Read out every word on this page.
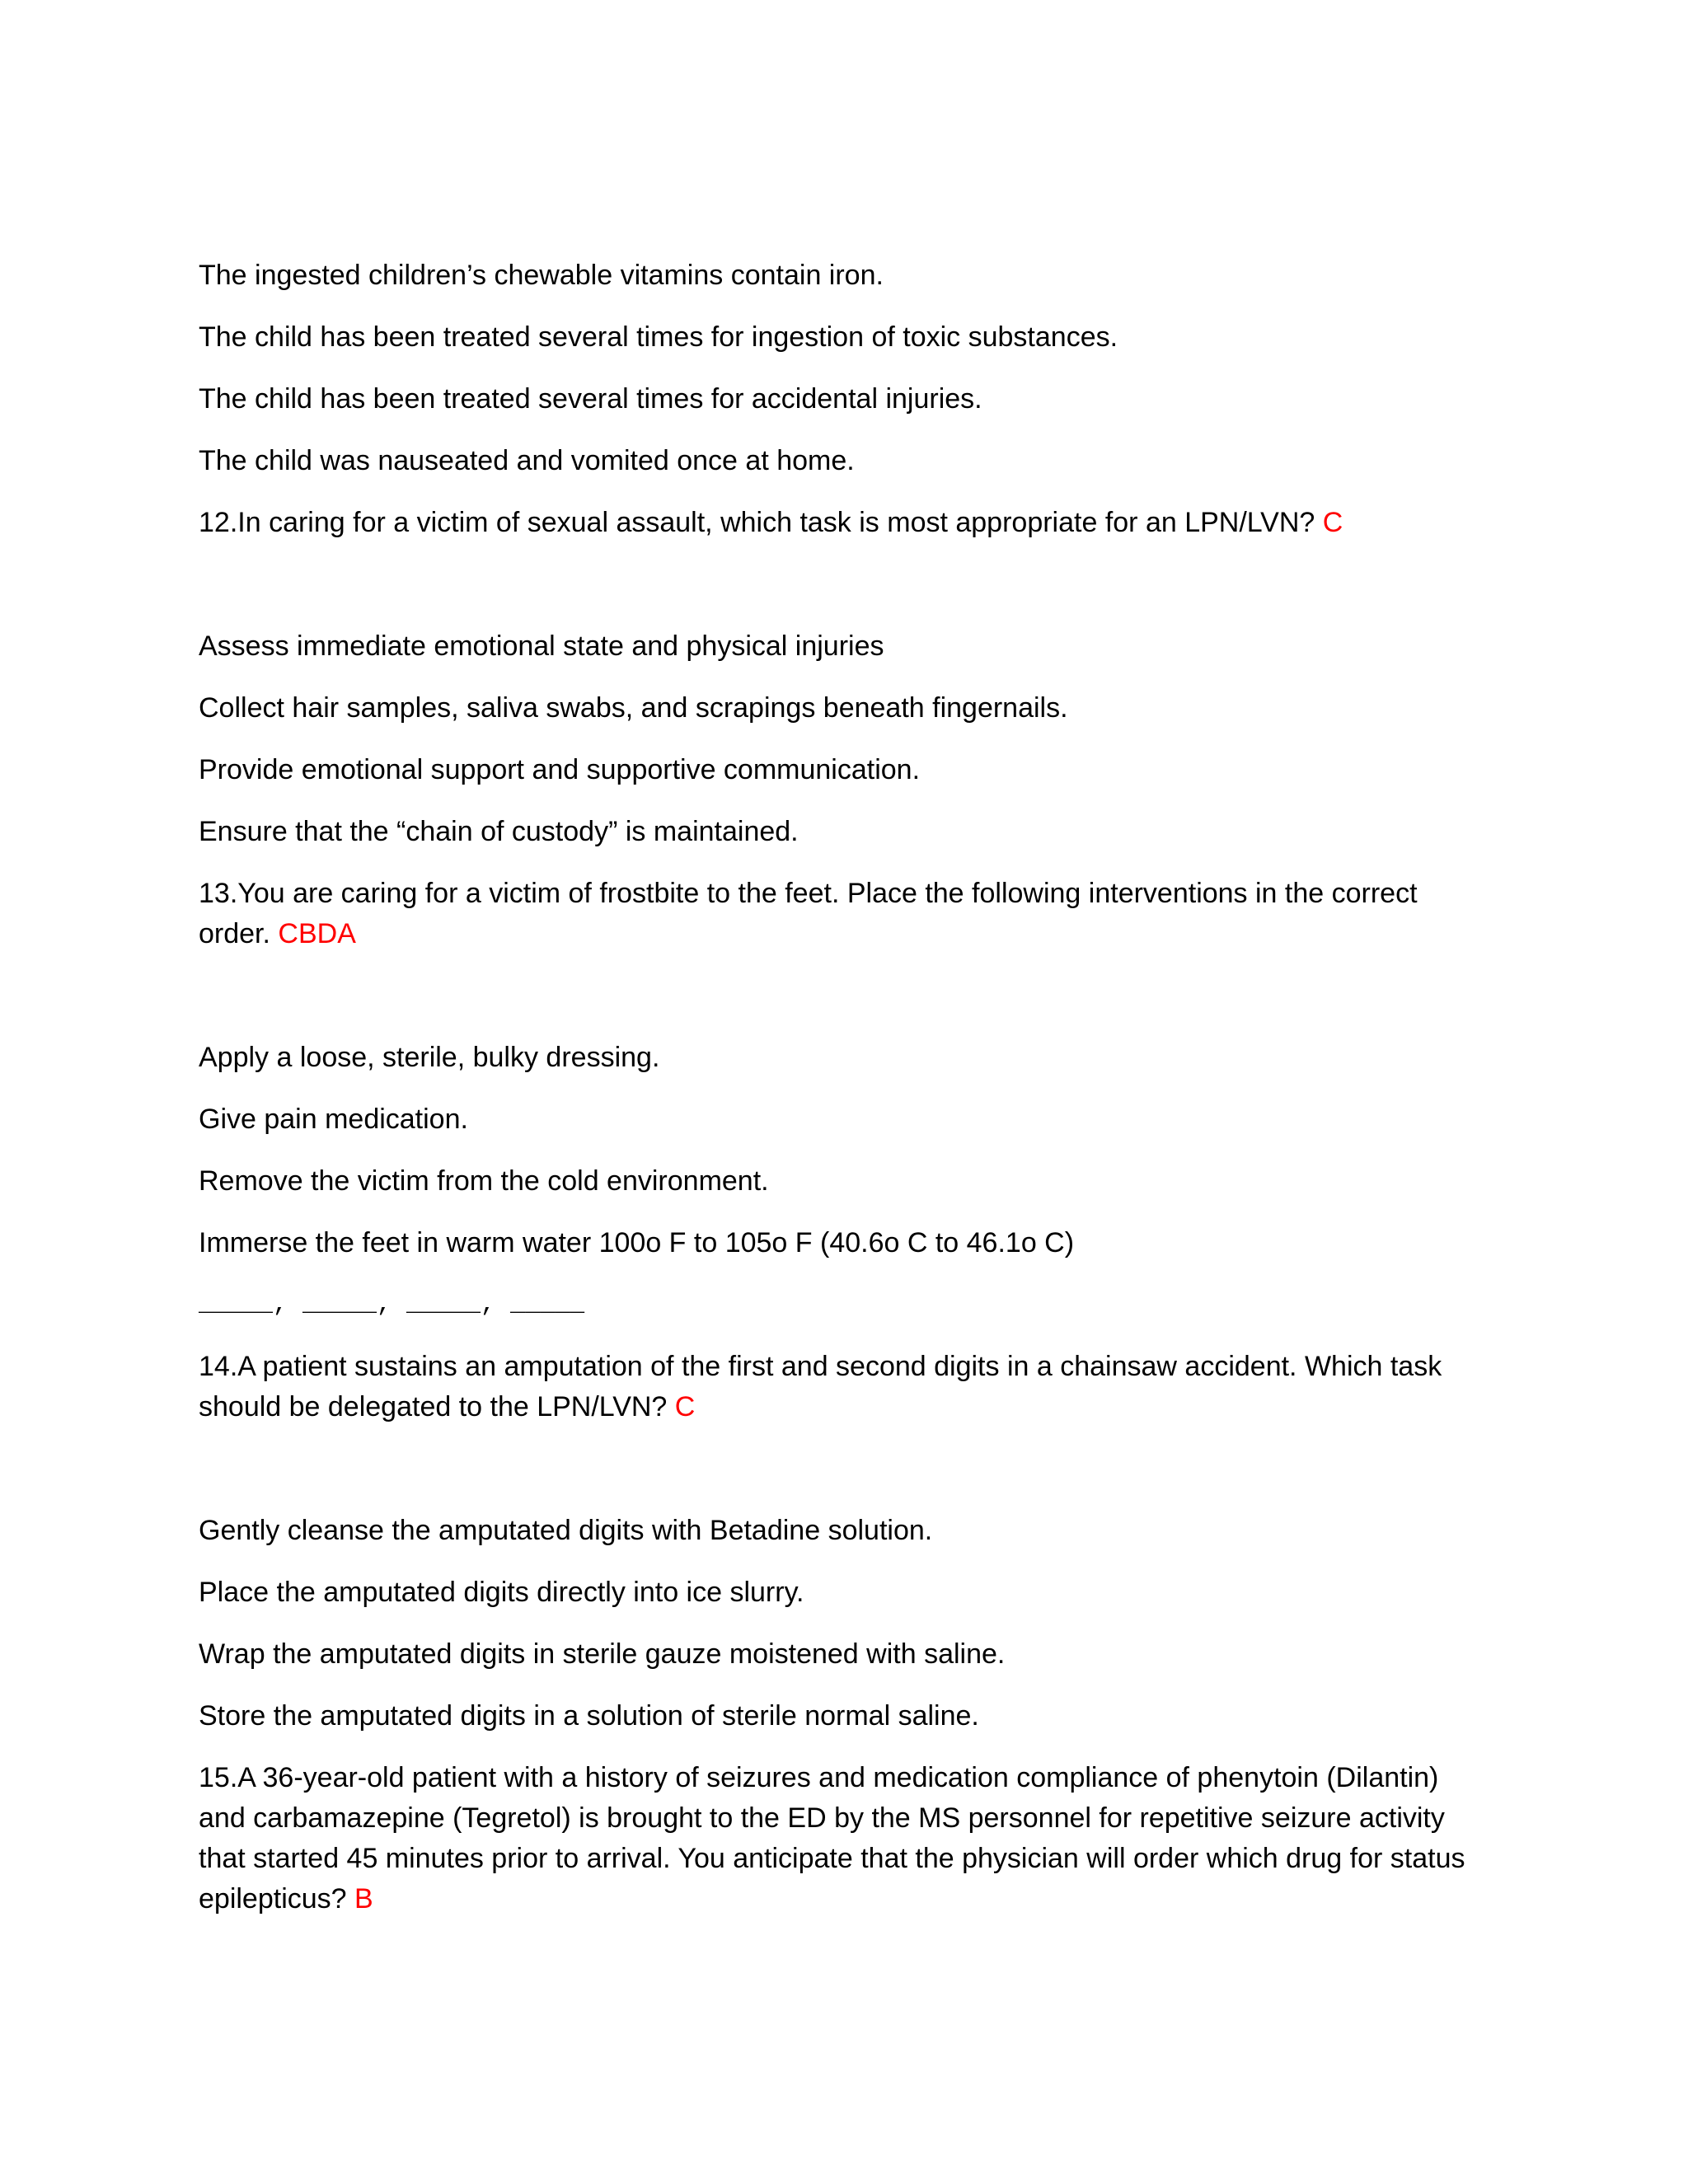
The ingested children’s chewable vitamins contain iron.
The child has been treated several times for ingestion of toxic substances.
The child has been treated several times for accidental injuries.
The child was nauseated and vomited once at home.
12.In caring for a victim of sexual assault, which task is most appropriate for an LPN/LVN? C
Assess immediate emotional state and physical injuries
Collect hair samples, saliva swabs, and scrapings beneath fingernails.
Provide emotional support and supportive communication.
Ensure that the “chain of custody” is maintained.
13.You are caring for a victim of frostbite to the feet. Place the following interventions in the correct order. CBDA
Apply a loose, sterile, bulky dressing.
Give pain medication.
Remove the victim from the cold environment.
Immerse the feet in warm water 100o F to 105o F (40.6o C to 46.1o C)
_____, _____, _____, _____
14.A patient sustains an amputation of the first and second digits in a chainsaw accident. Which task should be delegated to the LPN/LVN? C
Gently cleanse the amputated digits with Betadine solution.
Place the amputated digits directly into ice slurry.
Wrap the amputated digits in sterile gauze moistened with saline.
Store the amputated digits in a solution of sterile normal saline.
15.A 36-year-old patient with a history of seizures and medication compliance of phenytoin (Dilantin) and carbamazepine (Tegretol) is brought to the ED by the MS personnel for repetitive seizure activity that started 45 minutes prior to arrival. You anticipate that the physician will order which drug for status epilepticus? B
